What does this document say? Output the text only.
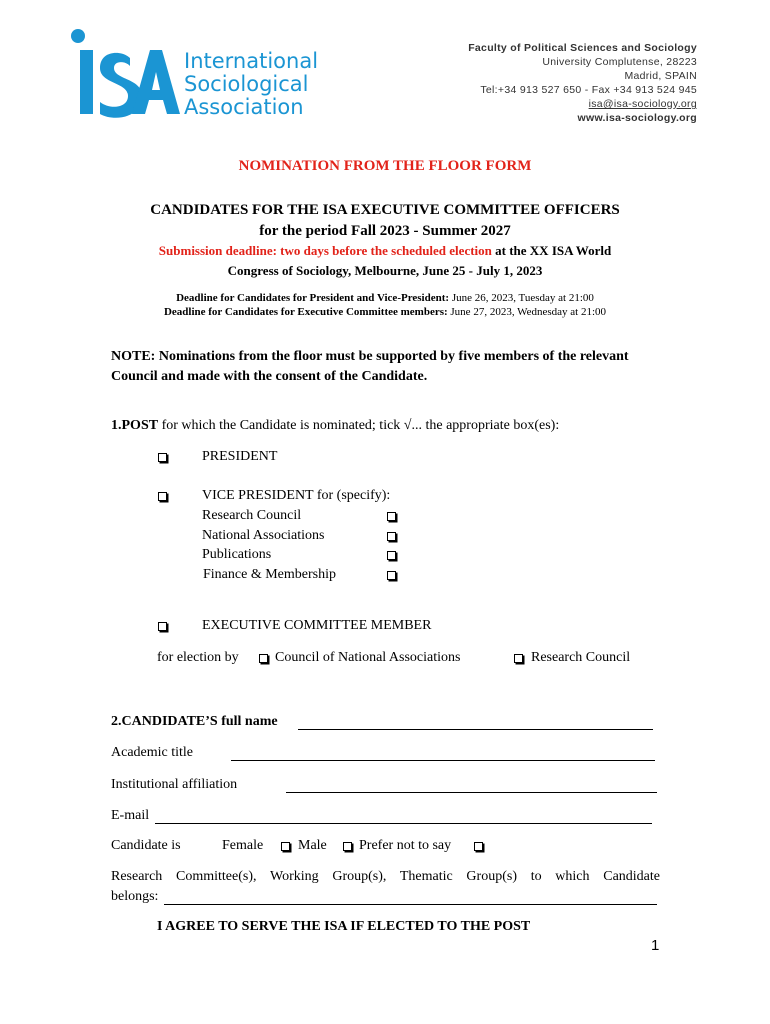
International
Sociological
Association
Faculty of Political Sciences and Sociology
University Complutense, 28223
Madrid, SPAIN
Tel:+34 913 527 650 - Fax +34 913 524 945
isa@isa-sociology.org
www.isa-sociology.org
NOMINATION FROM THE FLOOR FORM
CANDIDATES FOR THE ISA EXECUTIVE COMMITTEE OFFICERS
for the period Fall 2023 - Summer 2027
Submission deadline: two days before the scheduled election at the XX ISA World
Congress of Sociology, Melbourne, June 25 - July 1, 2023
Deadline for Candidates for President and Vice-President: June 26, 2023, Tuesday at 21:00
Deadline for Candidates for Executive Committee members: June 27, 2023, Wednesday at 21:00
NOTE: Nominations from the floor must be supported by five members of the relevant Council and made with the consent of the Candidate.
1.POST for which the Candidate is nominated; tick √... the appropriate box(es):
PRESIDENT
VICE PRESIDENT for (specify):
Research Council
National Associations
Publications
Finance & Membership
EXECUTIVE COMMITTEE MEMBER
for election by	Council of National Associations	Research Council
2.CANDIDATE’S full name
Academic title
Institutional affiliation
E-mail
Candidate is	Female Male Prefer not to say
Research Committee(s), Working Group(s), Thematic Group(s) to which Candidate
belongs:
I AGREE TO SERVE THE ISA IF ELECTED TO THE POST
1
